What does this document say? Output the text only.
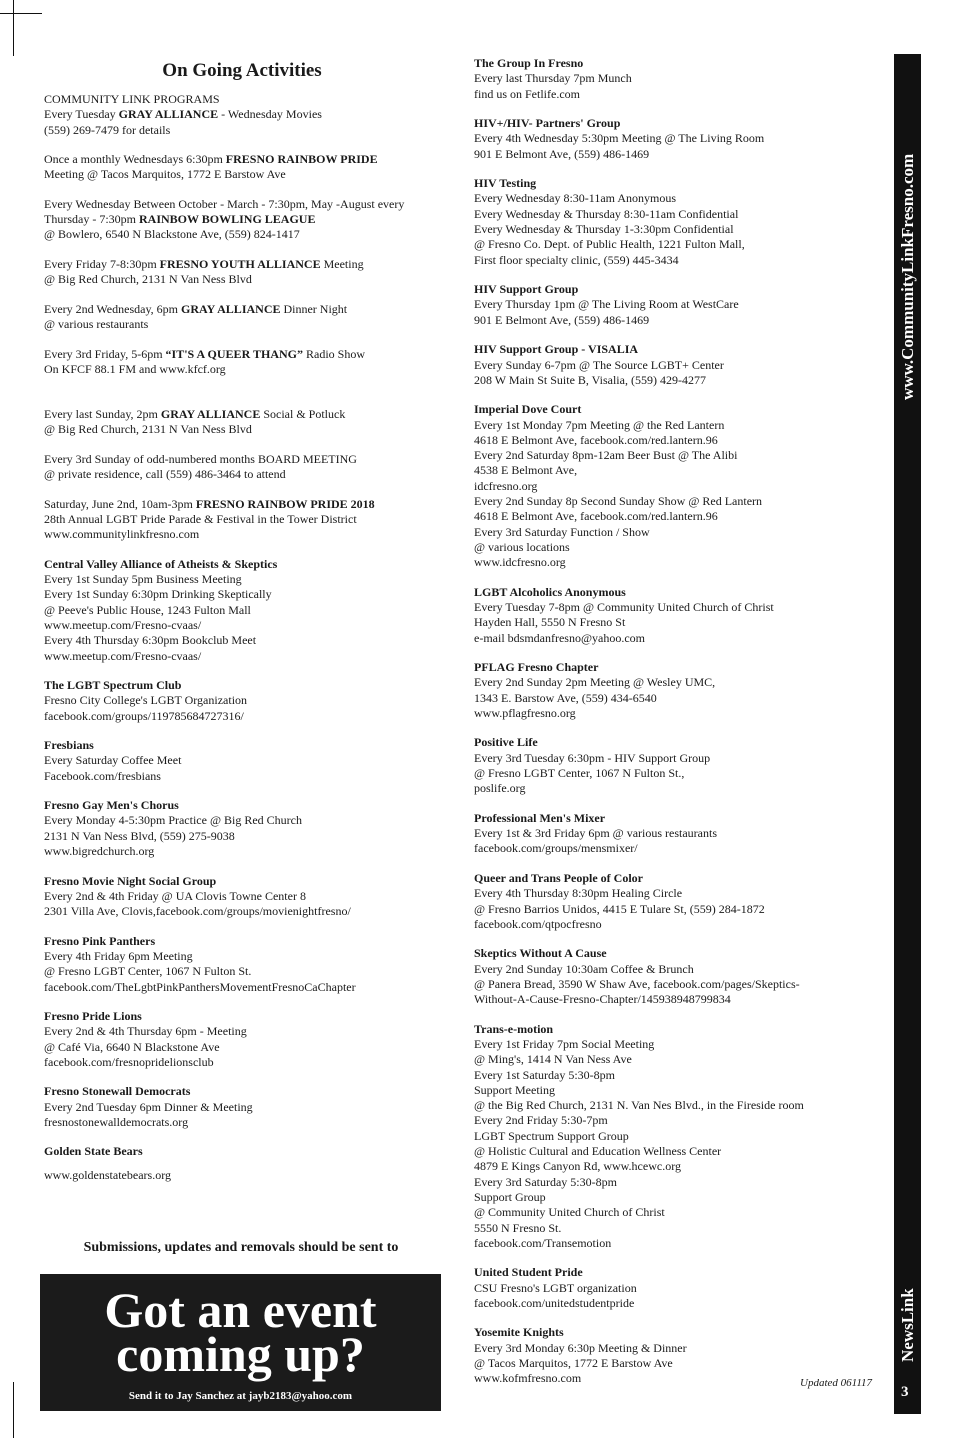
On Going Activities
COMMUNITY LINK PROGRAMS
Every Tuesday GRAY ALLIANCE - Wednesday Movies
(559) 269-7479 for details
Once a monthly Wednesdays 6:30pm FRESNO RAINBOW PRIDE
Meeting @ Tacos Marquitos, 1772 E Barstow Ave
Every Wednesday Between October - March - 7:30pm, May -August every
Thursday - 7:30pm RAINBOW BOWLING LEAGUE
@ Bowlero, 6540 N Blackstone Ave, (559) 824-1417
Every Friday 7-8:30pm FRESNO YOUTH ALLIANCE Meeting
@ Big Red Church, 2131 N Van Ness Blvd
Every 2nd Wednesday, 6pm GRAY ALLIANCE Dinner Night
@ various restaurants
Every 3rd Friday, 5-6pm “IT'S A QUEER THANG” Radio Show
On KFCF 88.1 FM and www.kfcf.org
Every last Sunday, 2pm GRAY ALLIANCE Social & Potluck
@ Big Red Church, 2131 N Van Ness Blvd
Every 3rd Sunday of odd-numbered months BOARD MEETING
@ private residence, call (559) 486-3464 to attend
Saturday, June 2nd, 10am-3pm FRESNO RAINBOW PRIDE 2018
28th Annual LGBT Pride Parade & Festival in the Tower District
www.communitylinkfresno.com
Central Valley Alliance of Atheists & Skeptics
Every 1st Sunday 5pm Business Meeting
Every 1st Sunday 6:30pm Drinking Skeptically
@ Peeve's Public House, 1243 Fulton Mall
www.meetup.com/Fresno-cvaas/
Every 4th Thursday 6:30pm Bookclub Meet
www.meetup.com/Fresno-cvaas/
The LGBT Spectrum Club
Fresno City College's LGBT Organization
facebook.com/groups/119785684727316/
Fresbians
Every Saturday Coffee Meet
Facebook.com/fresbians
Fresno Gay Men's Chorus
Every Monday 4-5:30pm Practice @ Big Red Church
2131 N Van Ness Blvd, (559) 275-9038
www.bigredchurch.org
Fresno Movie Night Social Group
Every 2nd & 4th Friday @ UA Clovis Towne Center 8
2301 Villa Ave, Clovis,facebook.com/groups/movienightfresno/
Fresno Pink Panthers
Every 4th Friday 6pm Meeting
@ Fresno LGBT Center, 1067 N Fulton St.
facebook.com/TheLgbtPinkPanthersMovementFresnoCaChapter
Fresno Pride Lions
Every 2nd & 4th Thursday 6pm - Meeting
@ Café Via, 6640 N Blackstone Ave
facebook.com/fresnopridelionsclub
Fresno Stonewall Democrats
Every 2nd Tuesday 6pm Dinner & Meeting
fresnostonewalldemocrats.org
Golden State Bears
www.goldenstatebears.org
The Group In Fresno
Every last Thursday 7pm Munch
find us on Fetlife.com
HIV+/HIV- Partners' Group
Every 4th Wednesday 5:30pm Meeting @ The Living Room
901 E Belmont Ave, (559) 486-1469
HIV Testing
Every Wednesday 8:30-11am Anonymous
Every Wednesday & Thursday 8:30-11am Confidential
Every Wednesday & Thursday 1-3:30pm Confidential
@ Fresno Co. Dept. of Public Health, 1221 Fulton Mall,
First floor specialty clinic, (559) 445-3434
HIV Support Group
Every Thursday 1pm @ The Living Room at WestCare
901 E Belmont Ave, (559) 486-1469
HIV Support Group - VISALIA
Every Sunday 6-7pm @ The Source LGBT+ Center
208 W Main St Suite B, Visalia, (559) 429-4277
Imperial Dove Court
Every 1st Monday 7pm Meeting @ the Red Lantern
4618 E Belmont Ave, facebook.com/red.lantern.96
Every 2nd Saturday 8pm-12am Beer Bust @ The Alibi
4538 E Belmont Ave,
idcfresno.org
Every 2nd Sunday 8p Second Sunday Show @ Red Lantern
4618 E Belmont Ave, facebook.com/red.lantern.96
Every 3rd Saturday Function / Show
@ various locations
www.idcfresno.org
LGBT Alcoholics Anonymous
Every Tuesday 7-8pm @ Community United Church of Christ
Hayden Hall, 5550 N Fresno St
e-mail bdsmdanfresno@yahoo.com
PFLAG Fresno Chapter
Every 2nd Sunday 2pm Meeting @ Wesley UMC,
1343 E. Barstow Ave, (559) 434-6540
www.pflagfresno.org
Positive Life
Every 3rd Tuesday 6:30pm - HIV Support Group
@ Fresno LGBT Center, 1067 N Fulton St.,
poslife.org
Professional Men's Mixer
Every 1st & 3rd Friday 6pm @ various restaurants
facebook.com/groups/mensmixer/
Queer and Trans People of Color
Every 4th Thursday 8:30pm Healing Circle
@ Fresno Barrios Unidos, 4415 E Tulare St, (559) 284-1872
facebook.com/qtpocfresno
Skeptics Without A Cause
Every 2nd Sunday 10:30am Coffee & Brunch
@ Panera Bread, 3590 W Shaw Ave, facebook.com/pages/Skeptics-
Without-A-Cause-Fresno-Chapter/145938948799834
Trans-e-motion
Every 1st Friday 7pm Social Meeting
@ Ming's, 1414 N Van Ness Ave
Every 1st Saturday 5:30-8pm
Support Meeting
@ the Big Red Church, 2131 N. Van Nes Blvd., in the Fireside room
Every 2nd Friday 5:30-7pm
LGBT Spectrum Support Group
@ Holistic Cultural and Education Wellness Center
4879 E Kings Canyon Rd, www.hcewc.org
Every 3rd Saturday 5:30-8pm
Support Group
@ Community United Church of Christ
5550 N Fresno St.
facebook.com/Transemotion
United Student Pride
CSU Fresno's LGBT organization
facebook.com/unitedstudentpride
Yosemite Knights
Every 3rd Monday 6:30p Meeting & Dinner
@ Tacos Marquitos, 1772 E Barstow Ave
www.kofmfresno.com
www.CommunityLinkFresno.com
NewsLink
3
Submissions, updates and removals should be sent to
Got an event
coming up?
Send it to Jay Sanchez at jayb2183@yahoo.com
Updated 061117
